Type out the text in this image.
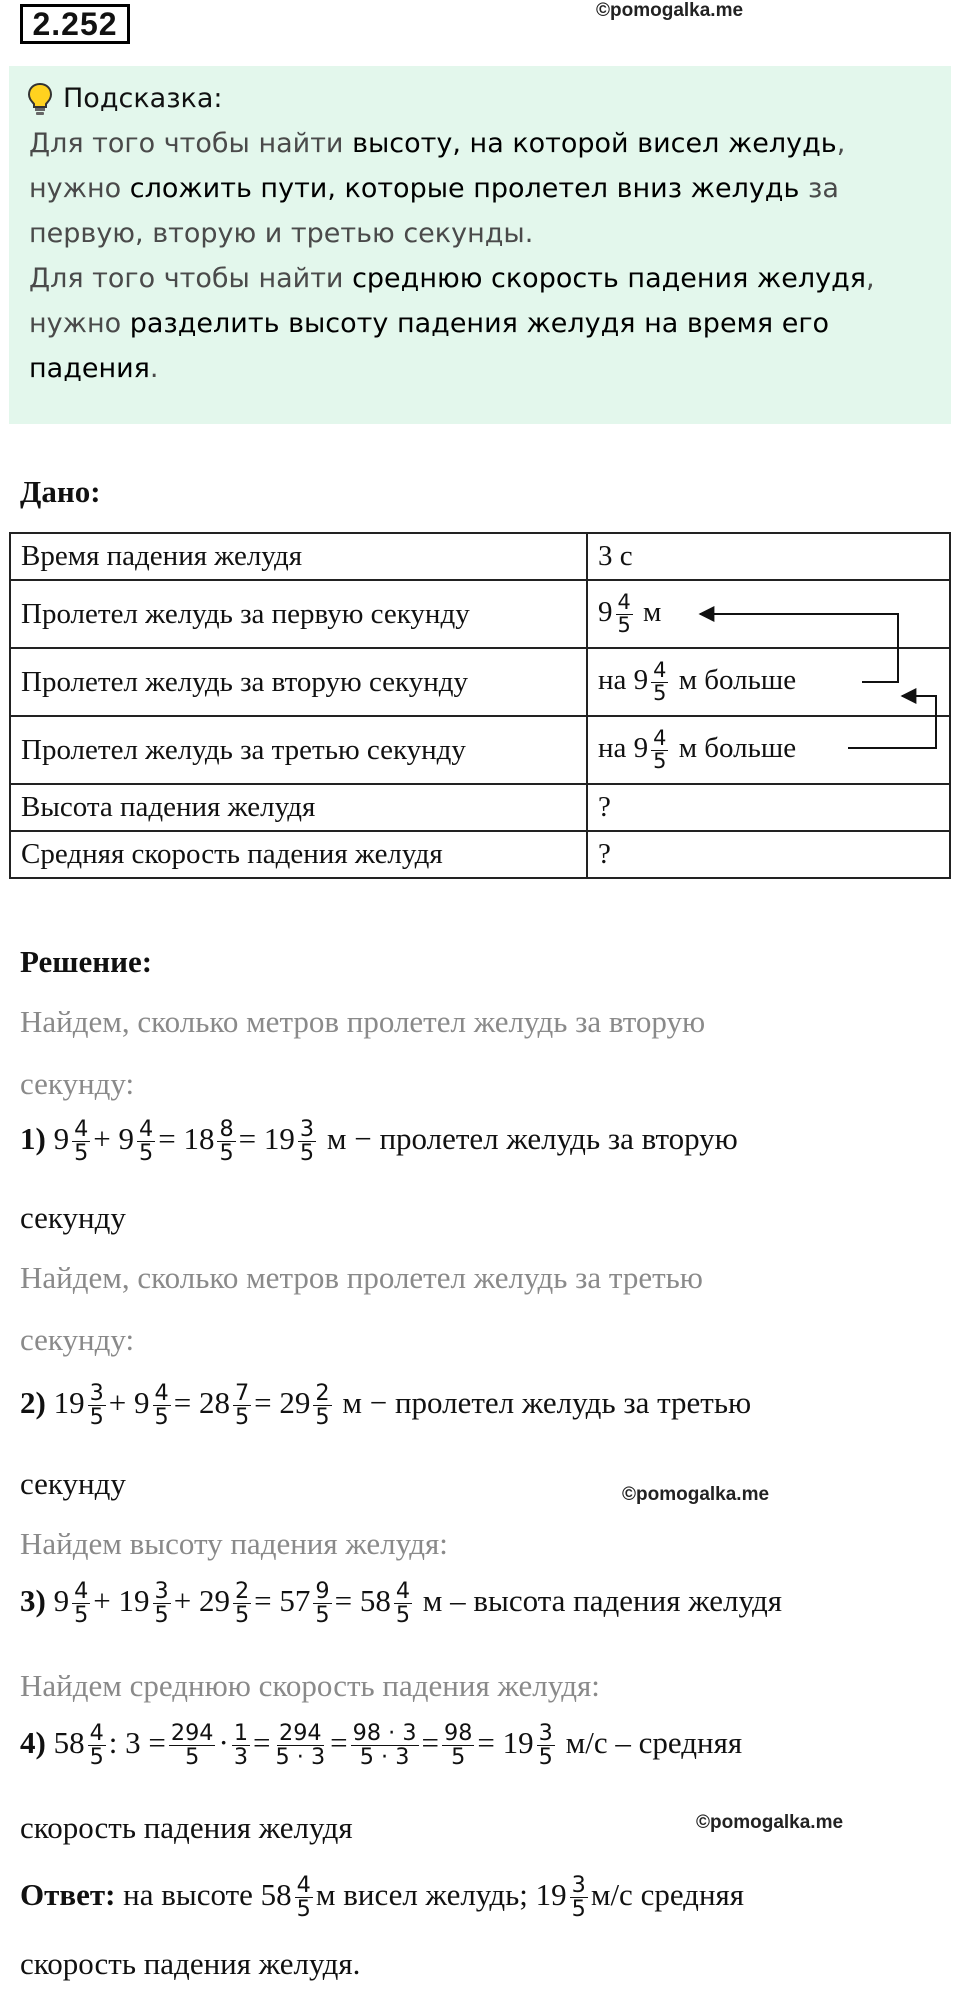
2.252	©pomogalka.me
Подсказка:

Для того чтобы найти высоту, на которой висел желудь,
нужно сложить пути, которые пролетел вниз желудь за
первую, вторую и третью секунды.

Для того чтобы найти среднюю скорость падения желудя,
нужно разделить высоту падения желудя на время его
падения.

Дано:
Время падения желудя	3 с
Пролетел желудь за первую секунду	$9 \frac{4}{5}$ м
Пролетел желудь за вторую секунду	на $9 \frac{4}{5}$ м больше
Пролетел желудь за третью секунду	на $9 \frac{4}{5}$ м больше
Высота падения желудя	?
Средняя скорость падения желудя	?
Решение:
Найдем, сколько метров пролетел желудь за вторую
секунду:
1) $9 \frac{4}{5} + 9 \frac{4}{5} = 18 \frac{8}{5} = 19 \frac{3}{5}$ м − пролетел желудь за вторую
секунду
Найдем, сколько метров пролетел желудь за третью
секунду:
2) $19 \frac{3}{5} + 9 \frac{4}{5} = 28 \frac{7}{5} = 29 \frac{2}{5}$ м − пролетел желудь за третью
секунду	©pomogalka.me
Найдем высоту падения желудя:
3) $9 \frac{4}{5} + 19 \frac{3}{5} + 29 \frac{2}{5} = 57 \frac{9}{5} = 58 \frac{4}{5}$ м – высота падения желудя
Найдем среднюю скорость падения желудя:
4) $58 \frac{4}{5}$ : $3 = \frac{294}{5} \cdot \frac{1}{3} = \frac{294}{5 \cdot 3} = \frac{98 \cdot 3}{5 \cdot 3} = \frac{98}{5} = 19 \frac{3}{5} м/с$ – средняя
скорость падения желудя	©pomogalka.me
Ответ: на высоте $58 \frac{4}{5}$ м висел желудь; $19 \frac{3}{5} м/с$ средняя
скорость падения желудя.
